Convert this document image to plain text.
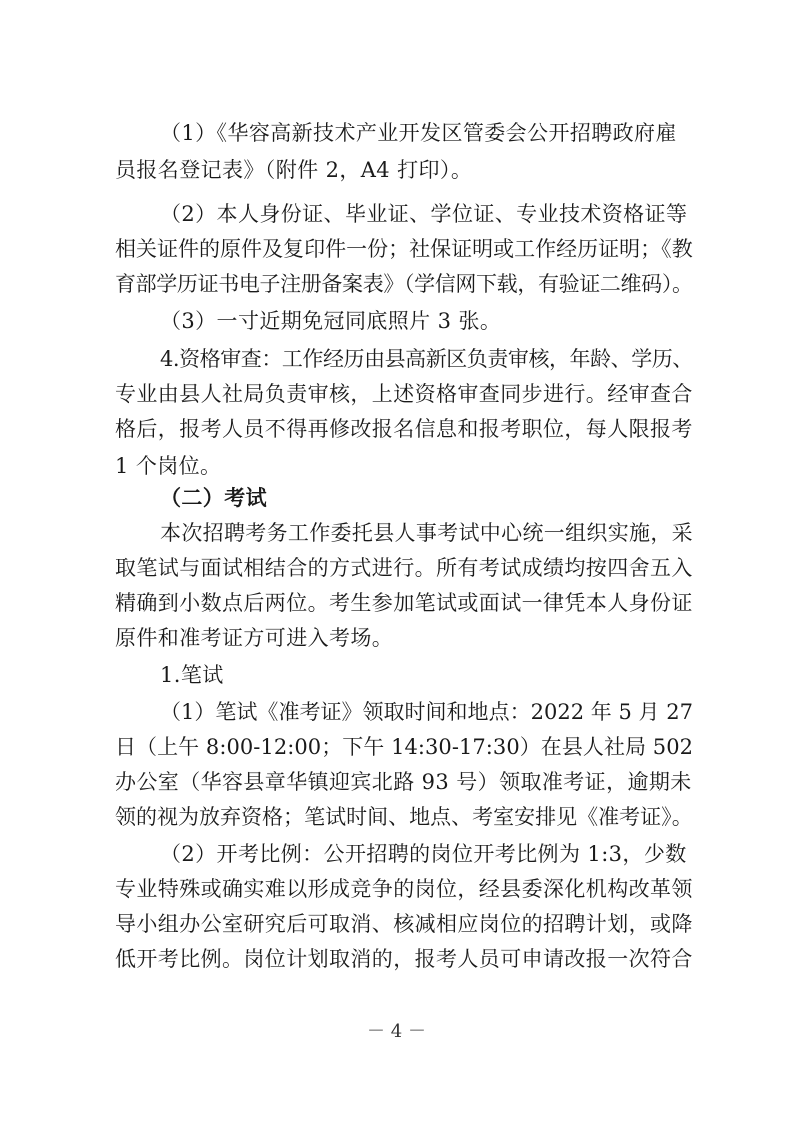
（1）《华容高新技术产业开发区管委会公开招聘政府雇
员报名登记表》（附件 2，A4 打印）。
（2）本人身份证、毕业证、学位证、专业技术资格证等
相关证件的原件及复印件一份；社保证明或工作经历证明；《教
育部学历证书电子注册备案表》（学信网下载，有验证二维码）。
（3）一寸近期免冠同底照片 3 张。
4.资格审查：工作经历由县高新区负责审核，年龄、学历、
专业由县人社局负责审核，上述资格审查同步进行。经审查合
格后，报考人员不得再修改报名信息和报考职位，每人限报考
1 个岗位。
（二）考试
本次招聘考务工作委托县人事考试中心统一组织实施，采
取笔试与面试相结合的方式进行。所有考试成绩均按四舍五入
精确到小数点后两位。考生参加笔试或面试一律凭本人身份证
原件和准考证方可进入考场。
1.笔试
（1）笔试《准考证》领取时间和地点：2022 年 5 月 27
日（上午 8:00-12:00；下午 14:30-17:30）在县人社局 502
办公室（华容县章华镇迎宾北路 93 号）领取准考证，逾期未
领的视为放弃资格；笔试时间、地点、考室安排见《准考证》。
（2）开考比例：公开招聘的岗位开考比例为 1:3，少数
专业特殊或确实难以形成竞争的岗位，经县委深化机构改革领
导小组办公室研究后可取消、核减相应岗位的招聘计划，或降
低开考比例。岗位计划取消的，报考人员可申请改报一次符合
－ 4 －
